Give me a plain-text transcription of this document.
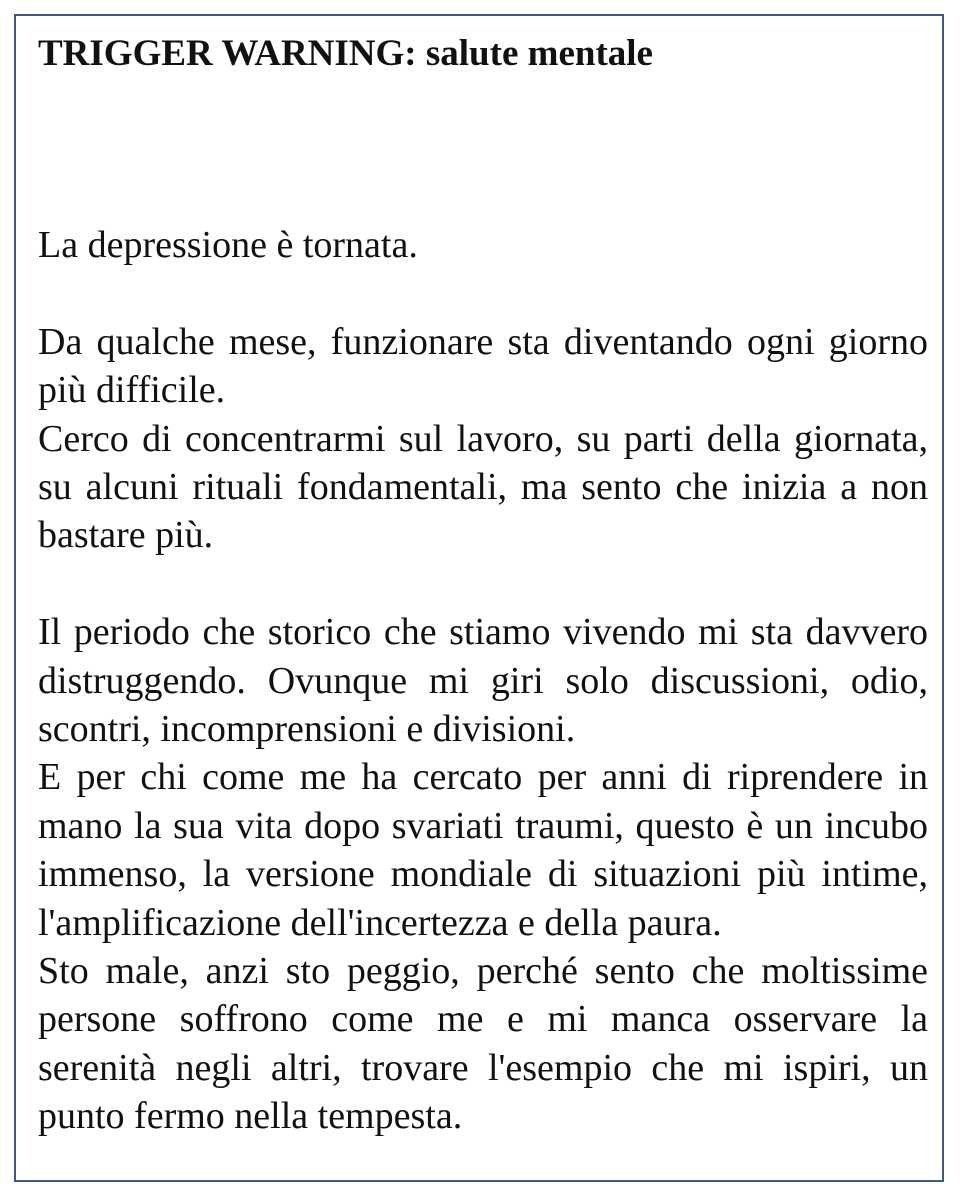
TRIGGER WARNING: salute mentale

La depressione è tornata.

Da qualche mese, funzionare sta diventando ogni giorno più difficile.

Cerco di concentrarmi sul lavoro, su parti della giornata, su alcuni rituali fondamentali, ma sento che inizia a non bastare più.

Il periodo che storico che stiamo vivendo mi sta davvero distruggendo. Ovunque mi giri solo discussioni, odio, scontri, incomprensioni e divisioni.

E per chi come me ha cercato per anni di riprendere in mano la sua vita dopo svariati traumi, questo è un incubo immenso, la versione mondiale di situazioni più intime, l'amplificazione dell'incertezza e della paura.

Sto male, anzi sto peggio, perché sento che moltissime persone soffrono come me e mi manca osservare la serenità negli altri, trovare l'esempio che mi ispiri, un punto fermo nella tempesta.
